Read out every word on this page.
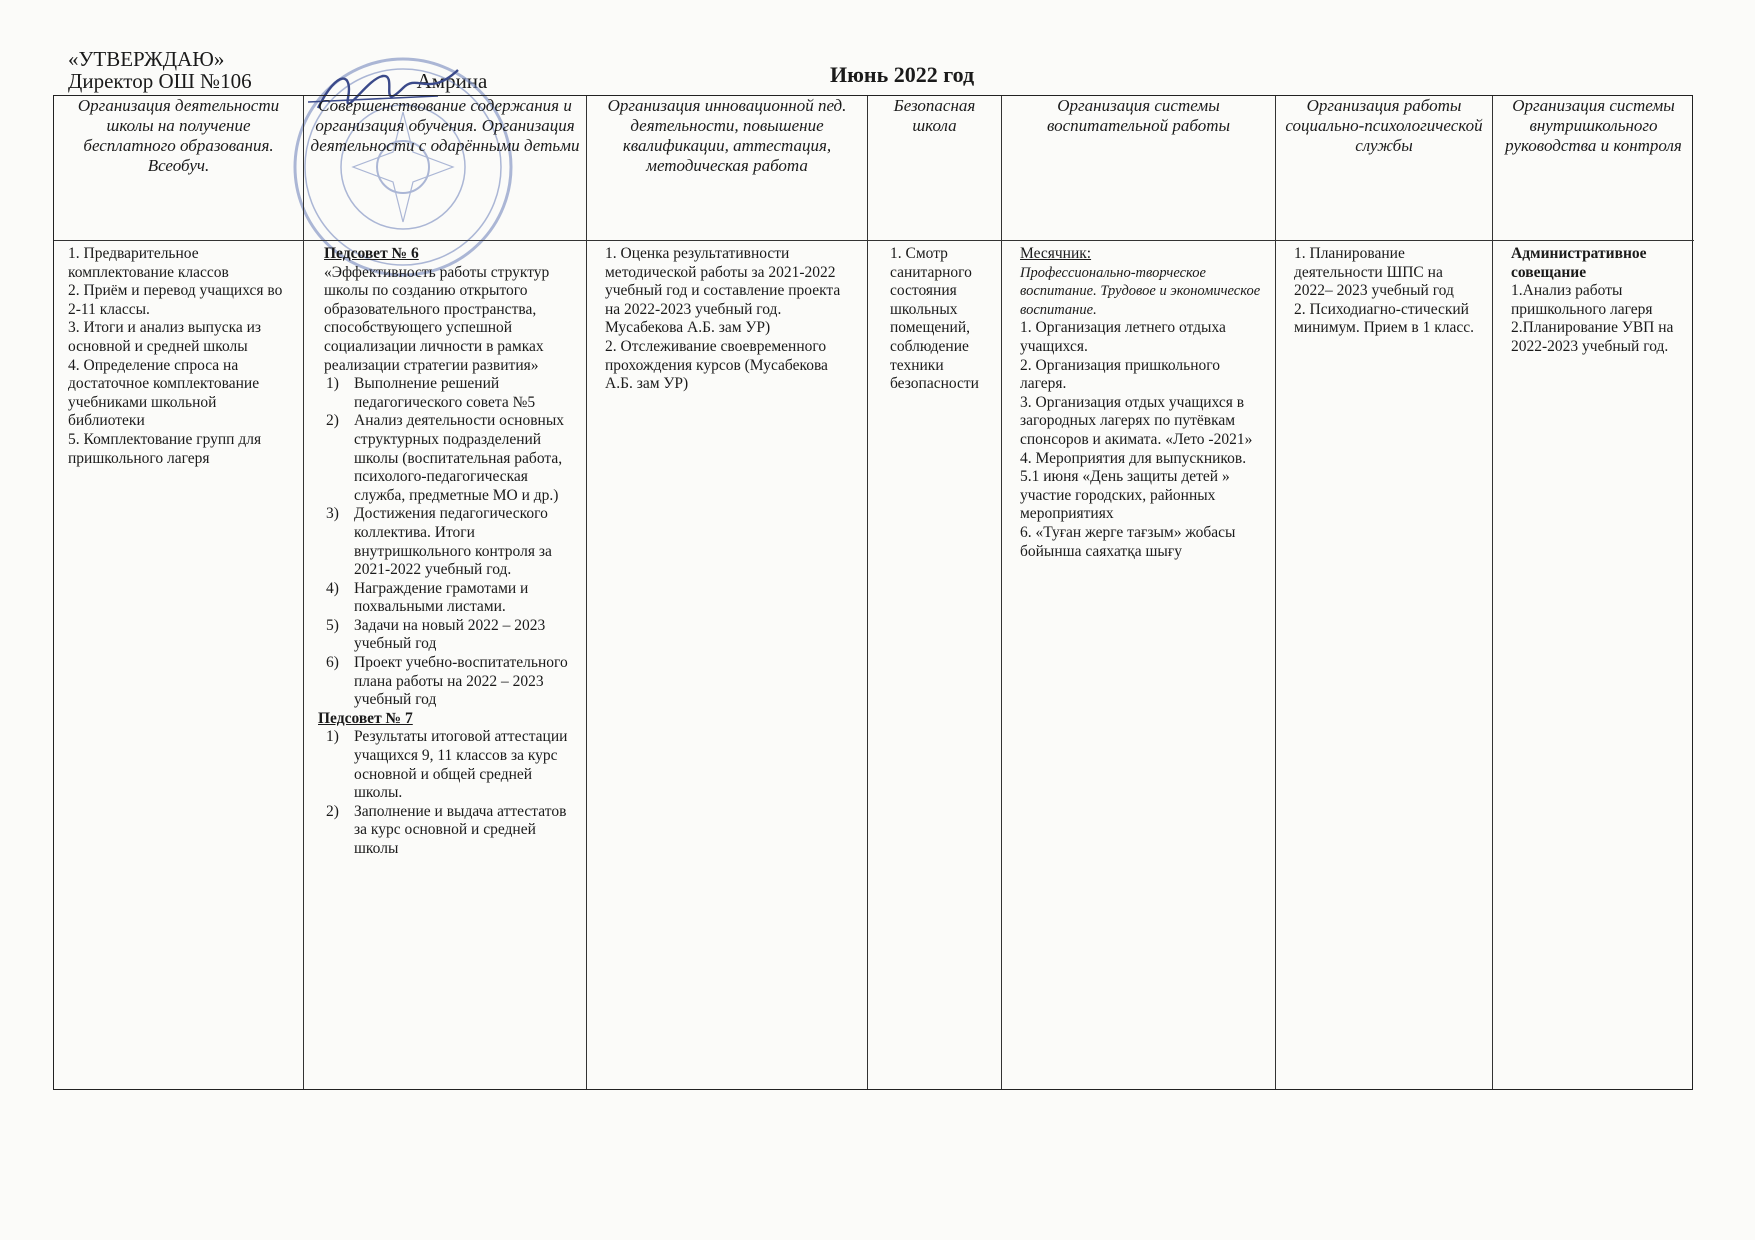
«УТВЕРЖДАЮ»
Директор ОШ №106	Амрина	Июнь 2022 год
Организация деятельности школы на получение бесплатного образования. Всеобуч.

1. Предварительное комплектование классов

2. Приём и перевод учащихся во 2-11 классы.

3. Итоги и анализ выпуска из основной и средней школы

4. Определение спроса на достаточное комплектование учебниками школьной библиотеки

5. Комплектование групп для пришкольного лагеря

Совершенствование содержания и организация обучения. Организация деятельности с одарёнными детьми

Педсовет № 6

«Эффективность работы структур школы по созданию открытого образовательного пространства, способствующего успешной социализации личности в рамках реализации стратегии развития»

1) Выполнение решений педагогического совета №5
2) Анализ деятельности основных структурных подразделений школы (воспитательная работа, психолого-педагогическая служба, предметные МО и др.)
3) Достижения педагогического коллектива. Итоги внутришкольного контроля за 2021-2022 учебный год.
4) Награждение грамотами и похвальными листами.
5) Задачи на новый 2022 – 2023 учебный год
6) Проект учебно-воспитательного плана работы на 2022 – 2023 учебный год

Педсовет № 7

1) Результаты итоговой аттестации учащихся 9, 11 классов за курс основной и общей средней школы.
2) Заполнение и выдача аттестатов за курс основной и средней школы
Организация инновационной пед. деятельности, повышение квалификации, аттестация, методическая работа

1. Оценка результативности методической работы за 2021-2022 учебный год и составление проекта на 2022-2023 учебный год. Мусабекова А.Б. зам УР)

2. Отслеживание своевременного прохождения курсов (Мусабекова А.Б. зам УР)

Безопасная школа

1. Смотр санитарного состояния школьных помещений, соблюдение техники безопасности

Организация системы воспитательной работы

Месячник:

Профессионально-творческое воспитание. Трудовое и экономическое воспитание.

1. Организация летнего отдыха учащихся.

2. Организация пришкольного лагеря.

3. Организация отдых учащихся в загородных лагерях по путёвкам спонсоров и акимата. «Лето -2021»

4. Мероприятия для выпускников.

5.1 июня «День защиты детей » участие городских, районных мероприятиях

6. «Туған жерге тағзым» жобасы бойынша саяхатқа шығу

Организация работы социально-психологической службы

1. Планирование деятельности ШПС на 2022– 2023 учебный год

2. Психодиагно-стический минимум. Прием в 1 класс.

Организация системы внутришкольного руководства и контроля

Административное совещание

1.Анализ работы пришкольного лагеря

2.Планирование УВП на 2022-2023 учебный год.
